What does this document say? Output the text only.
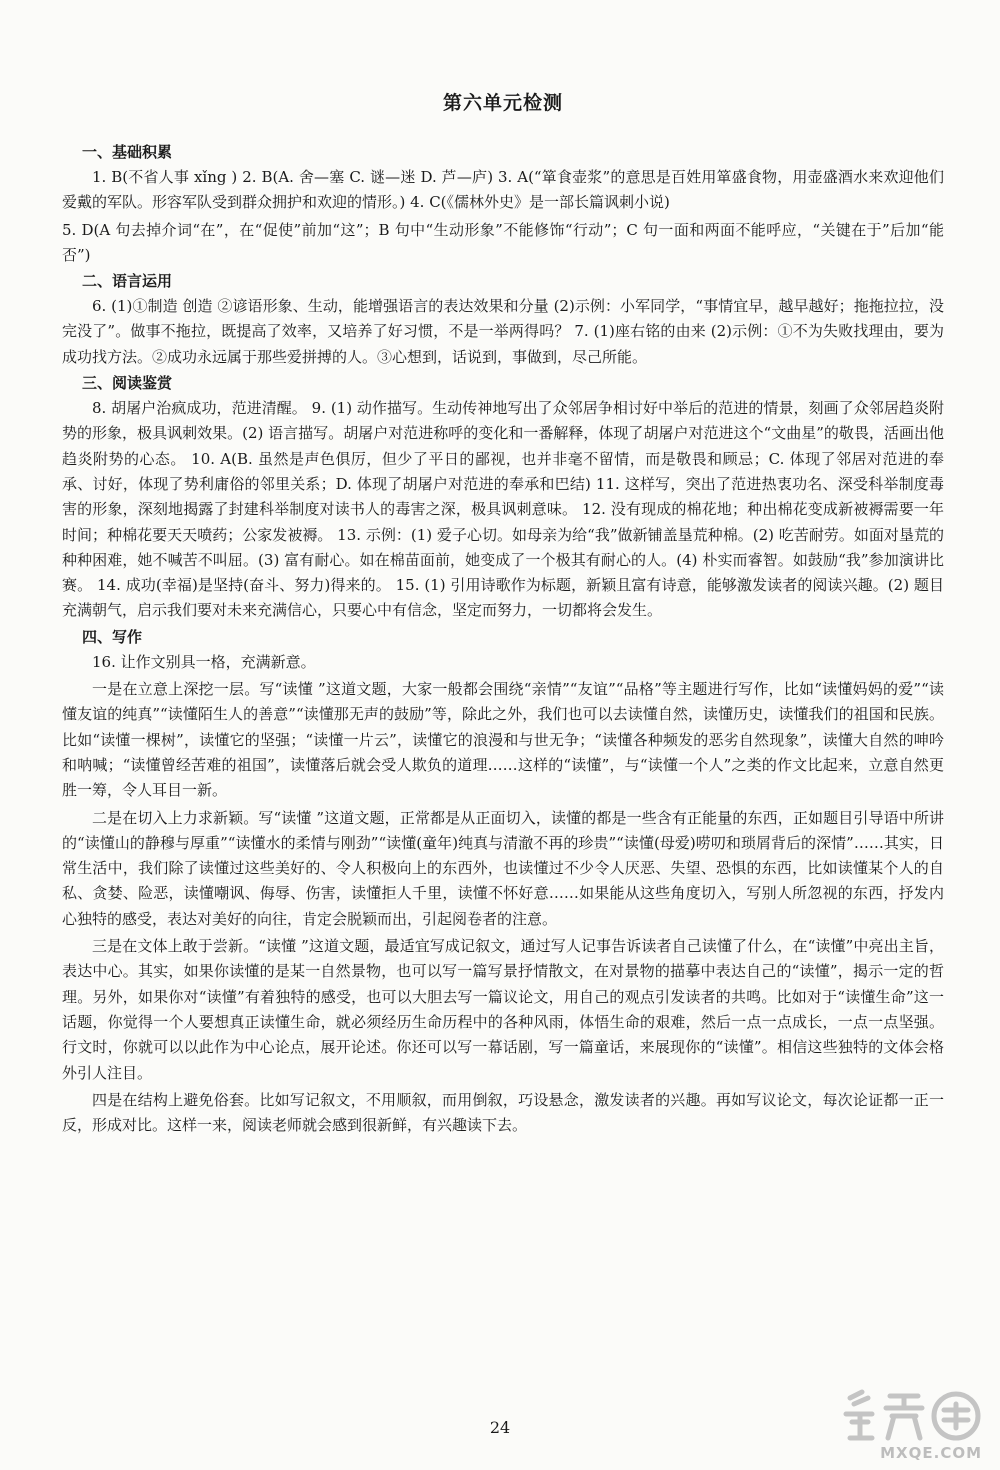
第六单元检测
一、基础积累
1. B(不省人事 xǐng ) 2. B(A. 舍—塞 C. 谜—迷 D. 芦—庐) 3. A(“箪食壶浆”的意思是百姓用箪盛食物，用壶盛酒水来欢迎他们爱戴的军队。形容军队受到群众拥护和欢迎的情形。) 4. C(《儒林外史》是一部长篇讽刺小说)
5. D(A 句去掉介词“在”，在“促使”前加“这”；B 句中“生动形象”不能修饰“行动”；C 句一面和两面不能呼应，“关键在于”后加“能否”)
二、语言运用
6. (1)①制造 创造 ②谚语形象、生动，能增强语言的表达效果和分量 (2)示例：小军同学，“事情宜早，越早越好；拖拖拉拉，没完没了”。做事不拖拉，既提高了效率，又培养了好习惯，不是一举两得吗？ 7. (1)座右铭的由来 (2)示例：①不为失败找理由，要为成功找方法。②成功永远属于那些爱拼搏的人。③心想到，话说到，事做到，尽己所能。
三、阅读鉴赏
8. 胡屠户治疯成功，范进清醒。 9. (1) 动作描写。生动传神地写出了众邻居争相讨好中举后的范进的情景，刻画了众邻居趋炎附势的形象，极具讽刺效果。(2) 语言描写。胡屠户对范进称呼的变化和一番解释，体现了胡屠户对范进这个“文曲星”的敬畏，活画出他趋炎附势的心态。 10. A(B. 虽然是声色俱厉，但少了平日的鄙视，也并非毫不留情，而是敬畏和顾忌；C. 体现了邻居对范进的奉承、讨好，体现了势利庸俗的邻里关系；D. 体现了胡屠户对范进的奉承和巴结) 11. 这样写，突出了范进热衷功名、深受科举制度毒害的形象，深刻地揭露了封建科举制度对读书人的毒害之深，极具讽刺意味。 12. 没有现成的棉花地；种出棉花变成新被褥需要一年时间；种棉花要天天喷药；公家发被褥。 13. 示例：(1) 爱子心切。如母亲为给“我”做新铺盖垦荒种棉。(2) 吃苦耐劳。如面对垦荒的种种困难，她不喊苦不叫屈。(3) 富有耐心。如在棉苗面前，她变成了一个极其有耐心的人。(4) 朴实而睿智。如鼓励“我”参加演讲比赛。 14. 成功(幸福)是坚持(奋斗、努力)得来的。 15. (1) 引用诗歌作为标题，新颖且富有诗意，能够激发读者的阅读兴趣。(2) 题目充满朝气，启示我们要对未来充满信心，只要心中有信念，坚定而努力，一切都将会发生。
四、写作
16. 让作文别具一格，充满新意。
一是在立意上深挖一层。写“读懂 ”这道文题，大家一般都会围绕“亲情”“友谊”“品格”等主题进行写作，比如“读懂妈妈的爱”“读懂友谊的纯真”“读懂陌生人的善意”“读懂那无声的鼓励”等，除此之外，我们也可以去读懂自然，读懂历史，读懂我们的祖国和民族。比如“读懂一棵树”，读懂它的坚强；“读懂一片云”，读懂它的浪漫和与世无争；“读懂各种频发的恶劣自然现象”，读懂大自然的呻吟和呐喊；“读懂曾经苦难的祖国”，读懂落后就会受人欺负的道理……这样的“读懂”，与“读懂一个人”之类的作文比起来，立意自然更胜一筹，令人耳目一新。
二是在切入上力求新颖。写“读懂 ”这道文题，正常都是从正面切入，读懂的都是一些含有正能量的东西，正如题目引导语中所讲的“读懂山的静穆与厚重”“读懂水的柔情与刚劲”“读懂(童年)纯真与清澈不再的珍贵”“读懂(母爱)唠叨和琐屑背后的深情”……其实，日常生活中，我们除了读懂过这些美好的、令人积极向上的东西外，也读懂过不少令人厌恶、失望、恐惧的东西，比如读懂某个人的自私、贪婪、险恶，读懂嘲讽、侮辱、伤害，读懂拒人千里，读懂不怀好意……如果能从这些角度切入，写别人所忽视的东西，抒发内心独特的感受，表达对美好的向往，肯定会脱颖而出，引起阅卷者的注意。
三是在文体上敢于尝新。“读懂 ”这道文题，最适宜写成记叙文，通过写人记事告诉读者自己读懂了什么，在“读懂”中亮出主旨，表达中心。其实，如果你读懂的是某一自然景物，也可以写一篇写景抒情散文，在对景物的描摹中表达自己的“读懂”，揭示一定的哲理。另外，如果你对“读懂”有着独特的感受，也可以大胆去写一篇议论文，用自己的观点引发读者的共鸣。比如对于“读懂生命”这一话题，你觉得一个人要想真正读懂生命，就必须经历生命历程中的各种风雨，体悟生命的艰难，然后一点一点成长，一点一点坚强。行文时，你就可以以此作为中心论点，展开论述。你还可以写一幕话剧，写一篇童话，来展现你的“读懂”。相信这些独特的文体会格外引人注目。
四是在结构上避免俗套。比如写记叙文，不用顺叙，而用倒叙，巧设悬念，激发读者的兴趣。再如写议论文，每次论证都一正一反，形成对比。这样一来，阅读老师就会感到很新鲜，有兴趣读下去。
24
MXQE.COM
